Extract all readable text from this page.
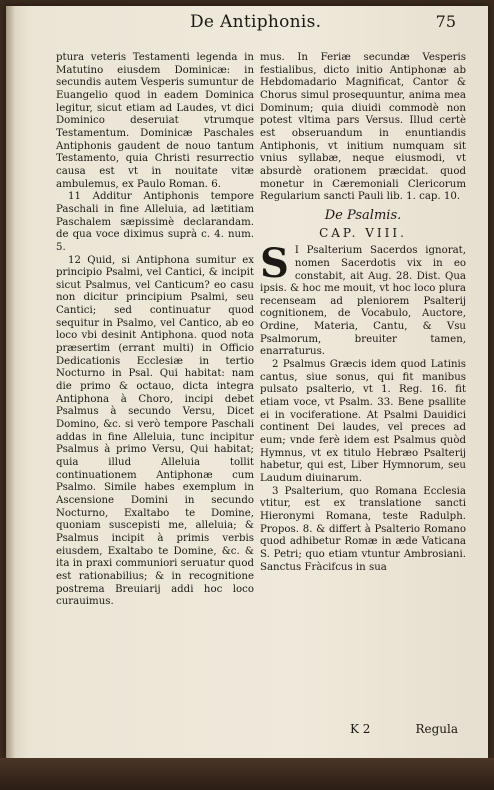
De Antiphonis.	75

ptura veteris Testamenti legenda in Matutino eiusdem Dominicæ: in secundis autem Vesperis sumuntur de Euangelio quod in eadem Dominica legitur, sicut etiam ad Laudes, vt dici Dominico deseruiat vtrumque Testamentum. Dominicæ Paschales Antiphonis gaudent de nouo tantum Testamento, quia Christi resurrectio causa est vt in nouitate vitæ ambulemus, ex Paulo Roman. 6.

11 Additur Antiphonis tempore Paschali in fine Alleluia, ad lætitiam Paschalem sæpissimè declarandam. de qua voce diximus suprà c. 4. num. 5.

12 Quid, si Antiphona sumitur ex principio Psalmi, vel Cantici, & incipit sicut Psalmus, vel Canticum? eo casu non dicitur principium Psalmi, seu Cantici; sed continuatur quod sequitur in Psalmo, vel Cantico, ab eo loco vbi desinit Antiphona. quod nota præsertim (errant multi) in Officio Dedicationis Ecclesiæ in tertio Nocturno in Psal. Qui habitat: nam die primo & octauo, dicta integra Antiphona à Choro, incipi debet Psalmus à secundo Versu, Dicet Domino, &c. si verò tempore Paschali addas in fine Alleluia, tunc incipitur Psalmus à primo Versu, Qui habitat; quia illud Alleluia tollit continuationem Antiphonæ cum Psalmo. Simile habes exemplum in Ascensione Domini in secundo Nocturno, Exaltabo te Domine, quoniam suscepisti me, alleluia; & Psalmus incipit à primis verbis eiusdem, Exaltabo te Domine, &c. & ita in praxi communiori seruatur quod est rationabilius; & in recognitione postrema Breuiarij addi hoc loco curauimus.

mus. In Feriæ secundæ Vesperis festialibus, dicto initio Antiphonæ ab Hebdomadario Magnificat, Cantor & Chorus simul prosequuntur, anima mea Dominum; quia diuidi commodè non potest vltima pars Versus. Illud certè est obseruandum in enuntiandis Antiphonis, vt initium numquam sit vnius syllabæ, neque eiusmodi, vt absurdè orationem præcidat. quod monetur in Cæremoniali Clericorum Regularium sancti Pauli lib. 1. cap. 10.

De Psalmis.
CAP. VIII.

S I Psalterium Sacerdos ignorat, nomen Sacerdotis vix in eo constabit, ait Aug. 28. Dist. Qua ipsis. & hoc me mouit, vt hoc loco plura recenseam ad pleniorem Psalterij cognitionem, de Vocabulo, Auctore, Ordine, Materia, Cantu, & Vsu Psalmorum, breuiter tamen, enarraturus.

2 Psalmus Græcis idem quod Latinis cantus, siue sonus, qui fit manibus pulsato psalterio, vt 1. Reg. 16. fit etiam voce, vt Psalm. 33. Bene psallite ei in vociferatione. At Psalmi Dauidici continent Dei laudes, vel preces ad eum; vnde ferè idem est Psalmus quòd Hymnus, vt ex titulo Hebræo Psalterij habetur, qui est, Liber Hymnorum, seu Laudum diuinarum.

3 Psalterium, quo Romana Ecclesia vtitur, est ex translatione sancti Hieronymi Romana, teste Radulph. Propos. 8. & differt à Psalterio Romano quod adhibetur Romæ in æde Vaticana S. Petri; quo etiam vtuntur Ambrosiani. Sanctus Fràcifcus in sua

K 2	Regula
